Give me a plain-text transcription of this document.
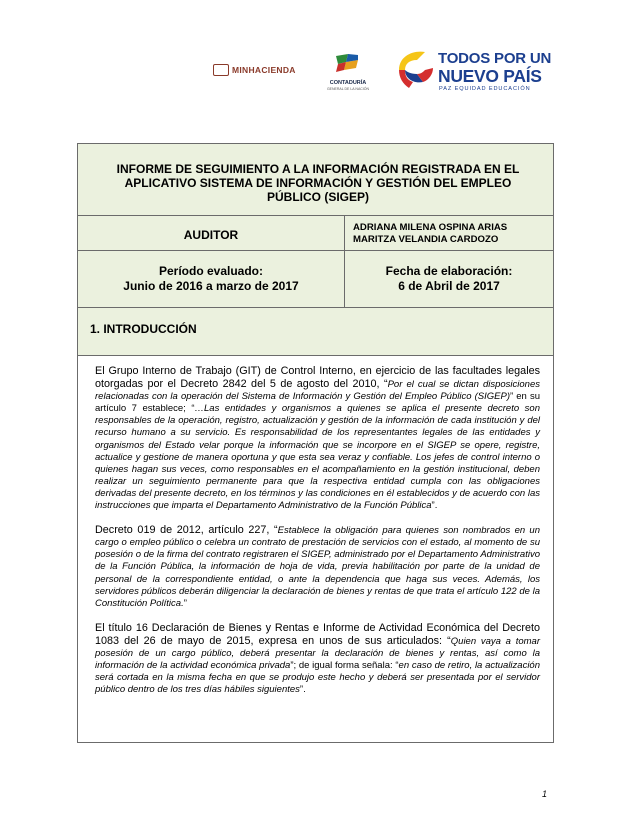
MINHACIENDA
CONTADURÍA
GENERAL DE LA NACIÓN
TODOS POR UN
NUEVO PAÍS
PAZ EQUIDAD EDUCACIÓN
INFORME DE SEGUIMIENTO A LA INFORMACIÓN REGISTRADA EN EL APLICATIVO SISTEMA DE INFORMACIÓN Y GESTIÓN DEL EMPLEO PÚBLICO (SIGEP)
AUDITOR
ADRIANA MILENA OSPINA ARIAS
MARITZA VELANDIA CARDOZO
Período evaluado:
Junio de 2016 a marzo de 2017
Fecha de elaboración:
6 de Abril de 2017
1. INTRODUCCIÓN

El Grupo Interno de Trabajo (GIT) de Control Interno, en ejercicio de las facultades legales otorgadas por el Decreto 2842 del 5 de agosto del 2010, “Por el cual se dictan disposiciones relacionadas con la operación del Sistema de Información y Gestión del Empleo Público (SIGEP)” en su artículo 7 establece; “…Las entidades y organismos a quienes se aplica el presente decreto son responsables de la operación, registro, actualización y gestión de la información de cada institución y del recurso humano a su servicio. Es responsabilidad de los representantes legales de las entidades y organismos del Estado velar porque la información que se incorpore en el SIGEP se opere, registre, actualice y gestione de manera oportuna y que esta sea veraz y confiable. Los jefes de control interno o quienes hagan sus veces, como responsables en el acompañamiento en la gestión institucional, deben realizar un seguimiento permanente para que la respectiva entidad cumpla con las obligaciones derivadas del presente decreto, en los términos y las condiciones en él establecidos y de acuerdo con las instrucciones que imparta el Departamento Administrativo de la Función Pública”.

Decreto 019 de 2012, artículo 227, “Establece la obligación para quienes son nombrados en un cargo o empleo público o celebra un contrato de prestación de servicios con el estado, al momento de su posesión o de la firma del contrato registraren el SIGEP, administrado por el Departamento Administrativo de la Función Pública, la información de hoja de vida, previa habilitación por parte de la unidad de personal de la correspondiente entidad, o ante la dependencia que haga sus veces. Además, los servidores públicos deberán diligenciar la declaración de bienes y rentas de que trata el artículo 122 de la Constitución Política.”

El título 16 Declaración de Bienes y Rentas e Informe de Actividad Económica del Decreto 1083 del 26 de mayo de 2015, expresa en unos de sus articulados: “Quien vaya a tomar posesión de un cargo público, deberá presentar la declaración de bienes y rentas, así como la información de la actividad económica privada”; de igual forma señala: “en caso de retiro, la actualización será cortada en la misma fecha en que se produjo este hecho y deberá ser presentada por el servidor público dentro de los tres días hábiles siguientes”.

1
